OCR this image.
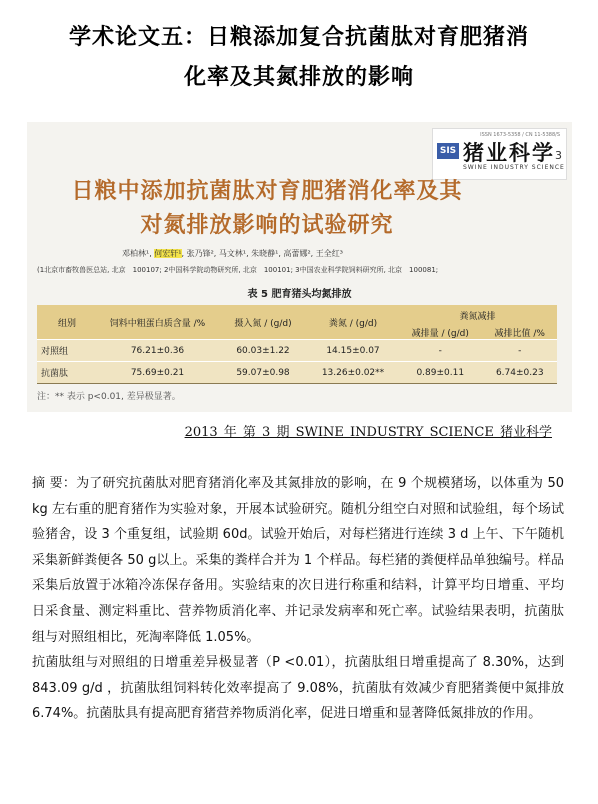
学术论文五：日粮添加复合抗菌肽对育肥猪消
化率及其氮排放的影响
ISSN 1673-5358 / CN 11-5388/S
SIS 猪业科学
SWINE INDUSTRY SCIENCE
3
日粮中添加抗菌肽对育肥猪消化率及其
对氮排放影响的试验研究
邓柏林¹, 何宏轩¹, 张乃锋², 马文林¹, 朱晓静¹, 高蕾娜², 王全红³
(1北京市畜牧兽医总站, 北京　100107; 2中国科学院动物研究所, 北京　100101; 3中国农业科学院饲料研究所, 北京　100081;
表 5 肥育猪头均氮排放
组别	饲料中粗蛋白质含量 /%	摄入氮 / (g/d)	粪氮 / (g/d)	粪氮减排	
				减排量 / (g/d)	减排比值 /%
对照组	76.21±0.36	60.03±1.22	14.15±0.07	-	-
抗菌肽	75.69±0.21	59.07±0.98	13.26±0.02**	0.89±0.11	6.74±0.23
注：** 表示 p<0.01, 差异极显著。
2013 年 第 3 期 SWINE INDUSTRY SCIENCE 猪业科学
摘 要：为了研究抗菌肽对肥育猪消化率及其氮排放的影响，在 9 个规模猪场，以体重为 50 kg 左右重的肥育猪作为实验对象，开展本试验研究。随机分组空白对照和试验组，每个场试验猪舍，设 3 个重复组，试验期 60d。试验开始后，对每栏猪进行连续 3 d 上午、下午随机采集新鲜粪便各 50 g以上。采集的粪样合并为 1 个样品。每栏猪的粪便样品单独编号。样品采集后放置于冰箱冷冻保存备用。实验结束的次日进行称重和结料，计算平均日增重、平均日采食量、测定料重比、营养物质消化率、并记录发病率和死亡率。试验结果表明，抗菌肽组与对照组相比，死淘率降低 1.05%。
抗菌肽组与对照组的日增重差异极显著（P <0.01），抗菌肽组日增重提高了 8.30%，达到 843.09 g/d ，抗菌肽组饲料转化效率提高了 9.08%，抗菌肽有效减少育肥猪粪便中氮排放 6.74%。抗菌肽具有提高肥育猪营养物质消化率，促进日增重和显著降低氮排放的作用。
